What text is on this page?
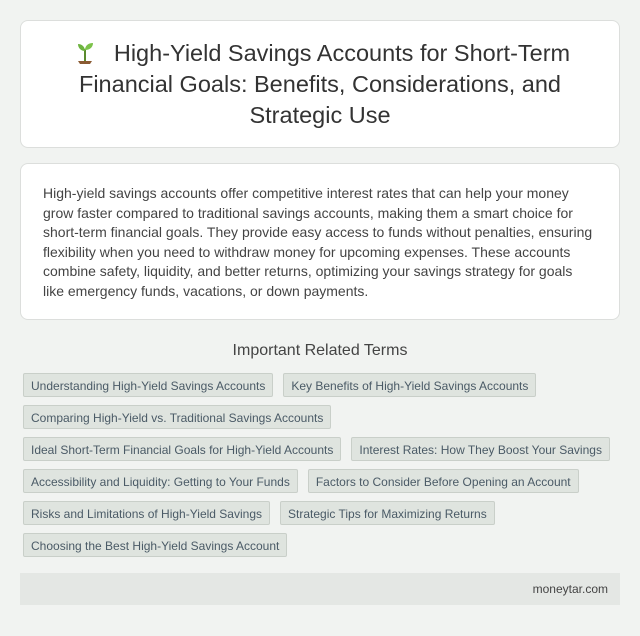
High-Yield Savings Accounts for Short-Term Financial Goals: Benefits, Considerations, and Strategic Use

High-yield savings accounts offer competitive interest rates that can help your money grow faster compared to traditional savings accounts, making them a smart choice for short-term financial goals. They provide easy access to funds without penalties, ensuring flexibility when you need to withdraw money for upcoming expenses. These accounts combine safety, liquidity, and better returns, optimizing your savings strategy for goals like emergency funds, vacations, or down payments.

Important Related Terms
Understanding High-Yield Savings Accounts	Key Benefits of High-Yield Savings Accounts
Comparing High-Yield vs. Traditional Savings Accounts
Ideal Short-Term Financial Goals for High-Yield Accounts	Interest Rates: How They Boost Your Savings
Accessibility and Liquidity: Getting to Your Funds	Factors to Consider Before Opening an Account
Risks and Limitations of High-Yield Savings	Strategic Tips for Maximizing Returns
Choosing the Best High-Yield Savings Account
moneytar.com
